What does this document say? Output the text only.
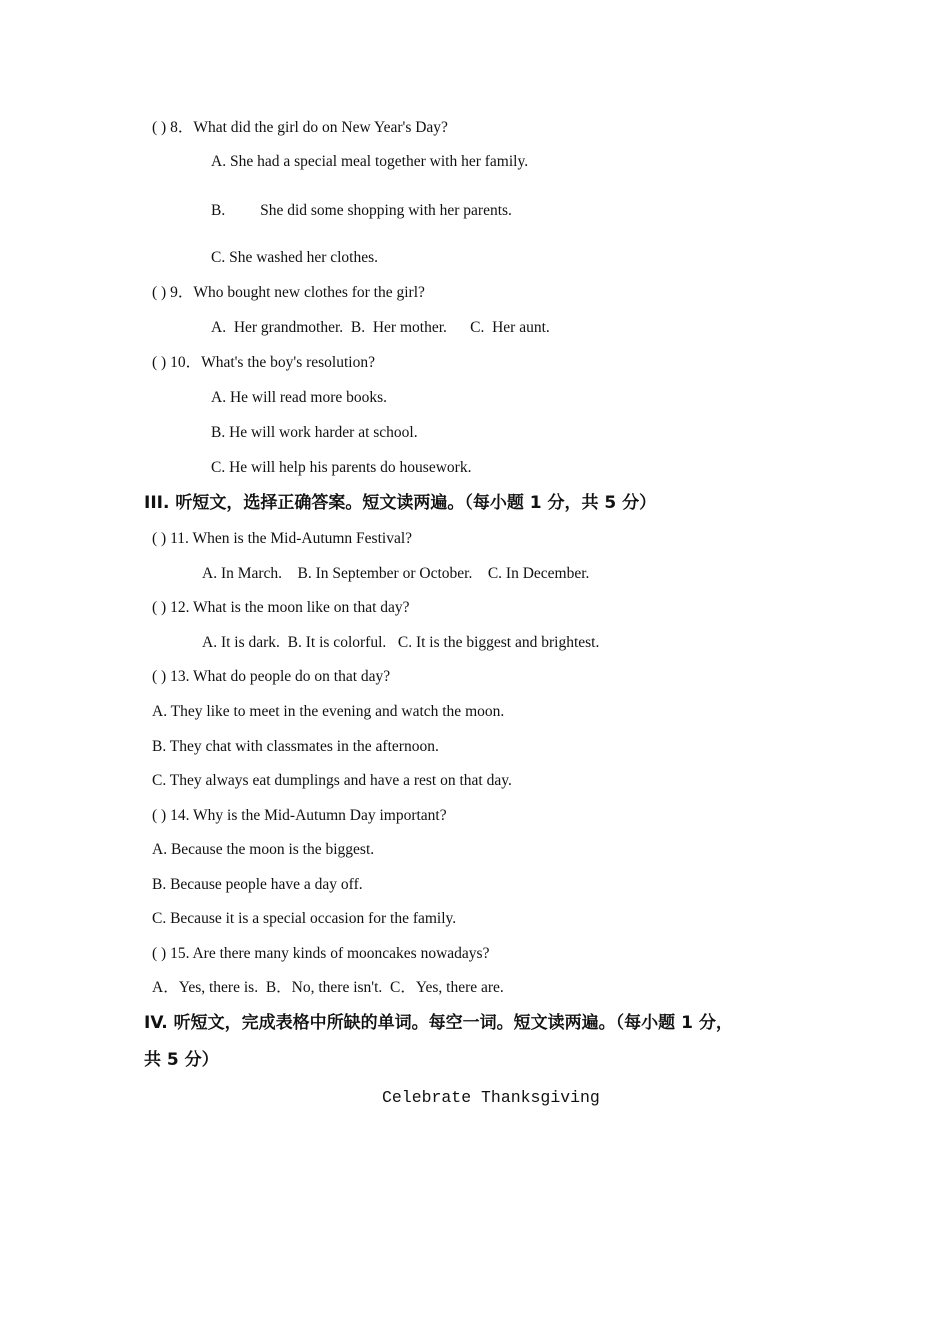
( ) 8．What did the girl do on New Year's Day?
A. She had a special meal together with her family.
B.         She did some shopping with her parents.
C. She washed her clothes.
( ) 9．Who bought new clothes for the girl?
A.  Her grandmother.  B.  Her mother.      C.  Her aunt.
( ) 10．What's the boy's resolution?
A. He will read more books.
B. He will work harder at school.
C. He will help his parents do housework.
III. 听短文，选择正确答案。短文读两遍。（每小题 1 分，共 5 分）
( ) 11. When is the Mid-Autumn Festival?
A. In March.    B. In September or October.    C. In December.
( ) 12. What is the moon like on that day?
A. It is dark.  B. It is colorful.   C. It is the biggest and brightest.
( ) 13. What do people do on that day?
A. They like to meet in the evening and watch the moon.
B. They chat with classmates in the afternoon.
C. They always eat dumplings and have a rest on that day.
( ) 14. Why is the Mid-Autumn Day important?
A. Because the moon is the biggest.
B. Because people have a day off.
C. Because it is a special occasion for the family.
( ) 15. Are there many kinds of mooncakes nowadays?
A．Yes, there is.  B．No, there isn't.  C．Yes, there are.
IV. 听短文，完成表格中所缺的单词。每空一词。短文读两遍。（每小题 1 分，
共 5 分）
Celebrate Thanksgiving
